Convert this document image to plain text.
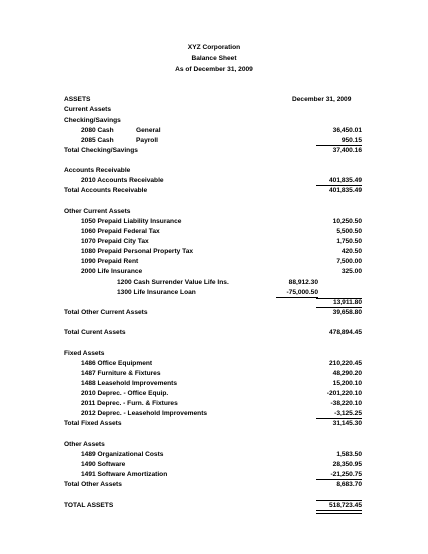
XYZ Corporation
Balance Sheet
As of December 31, 2009
ASSETS	December 31, 2009
Current Assets
Checking/Savings
2080 Cash	General	36,450.01
2085 Cash	Payroll	950.15
Total Checking/Savings	37,400.16
Accounts Receivable
2010 Accounts Receivable	401,835.49
Total Accounts Receivable	401,835.49
Other Current Assets
1050 Prepaid Liability Insurance	10,250.50
1060 Prepaid Federal Tax	5,500.50
1070 Prepaid City Tax	1,750.50
1080 Prepaid Personal Property Tax	420.50
1090 Prepaid Rent	7,500.00
2000 Life Insurance	325.00
1200 Cash Surrender Value Life Ins.	88,912.30
1300 Life Insurance Loan	-75,000.50
13,911.80
Total Other Current Assets	39,658.80
Total Curent Assets	478,894.45
Fixed Assets
1486 Office Equipment	210,220.45
1487 Furniture & Fixtures	48,290.20
1488 Leasehold Improvements	15,200.10
2010 Deprec. - Office Equip.	-201,220.10
2011 Deprec. - Furn. & Fixtures	-38,220.10
2012 Deprec. - Leasehold Improvements	-3,125.25
Total Fixed Assets	31,145.30
Other Assets
1489 Organizational Costs	1,583.50
1490 Software	28,350.95
1491 Software Amortization	-21,250.75
Total Other Assets	8,683.70
TOTAL ASSETS	518,723.45
